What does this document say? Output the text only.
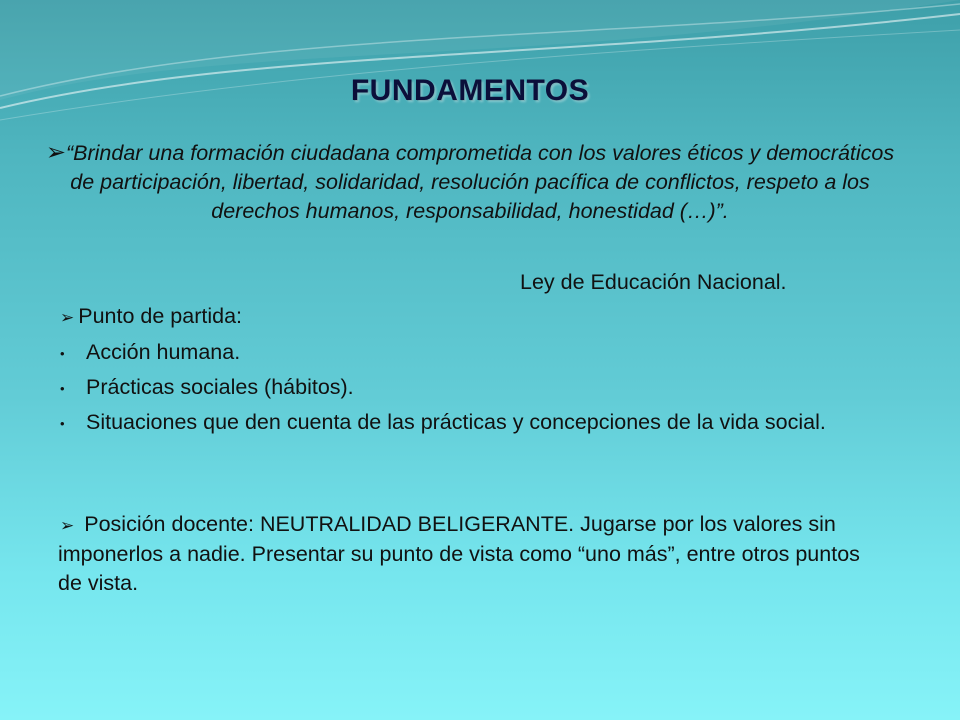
FUNDAMENTOS
➢“Brindar una formación ciudadana comprometida con los valores éticos y democráticos de participación, libertad, solidaridad, resolución pacífica de conflictos, respeto a los derechos humanos, responsabilidad, honestidad (…)”.
Ley de Educación Nacional.
➢ Punto de partida:
• Acción humana.
• Prácticas sociales (hábitos).
• Situaciones que den cuenta de las prácticas y concepciones de la vida social.
➢ Posición docente: NEUTRALIDAD BELIGERANTE. Jugarse por los valores sin imponerlos a nadie. Presentar su punto de vista como “uno más”, entre otros puntos de vista.
